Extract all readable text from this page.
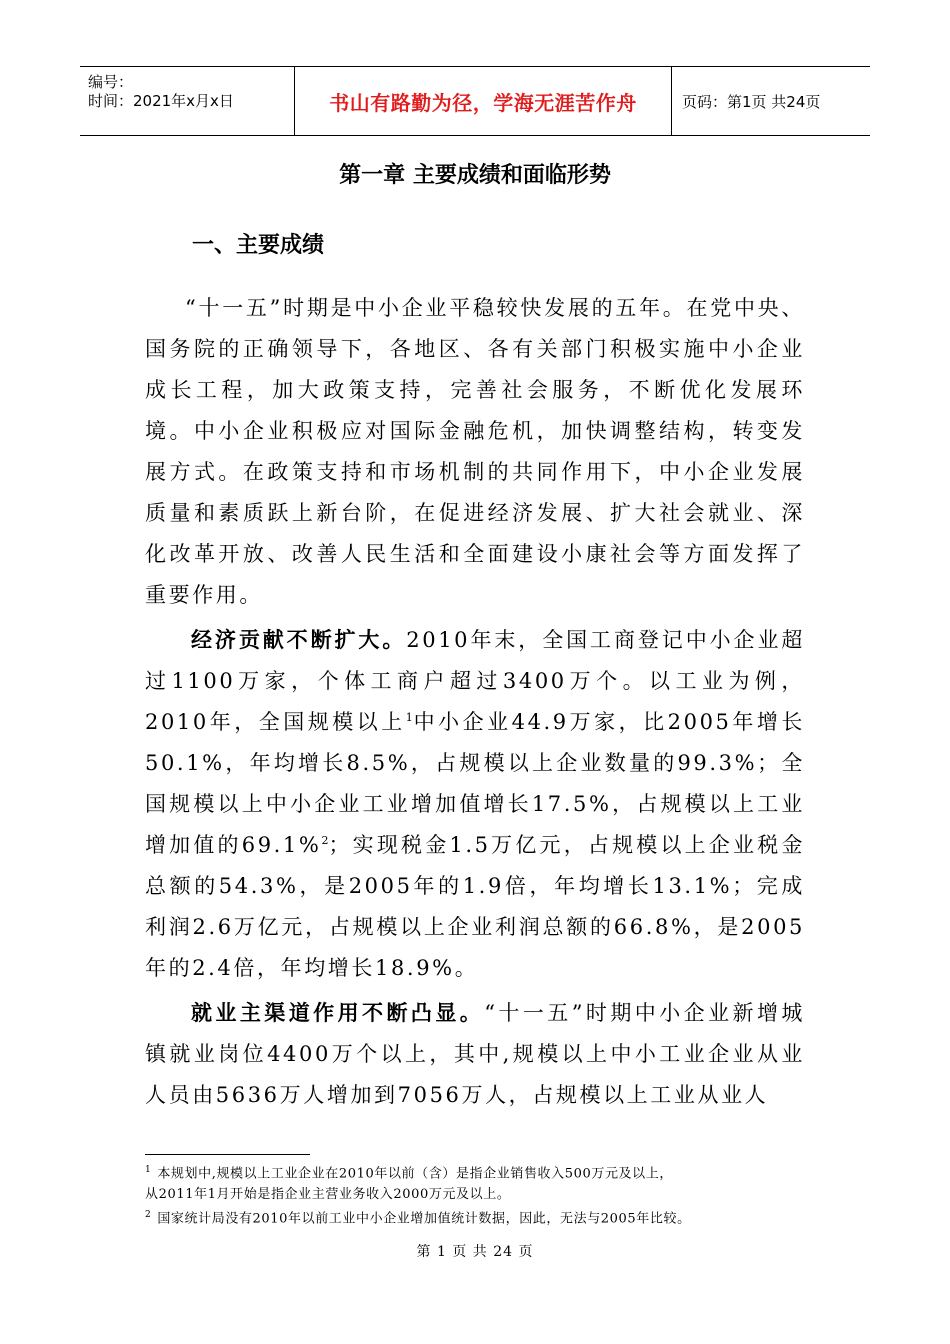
编号：
时间：2021年x月x日	书山有路勤为径，学海无涯苦作舟	页码：第1页 共24页
第一章 主要成绩和面临形势
一、主要成绩

“十一五”时期是中小企业平稳较快发展的五年。在党中央、国务院的正确领导下，各地区、各有关部门积极实施中小企业成长工程，加大政策支持，完善社会服务，不断优化发展环境。中小企业积极应对国际金融危机，加快调整结构，转变发展方式。在政策支持和市场机制的共同作用下，中小企业发展质量和素质跃上新台阶，在促进经济发展、扩大社会就业、深化改革开放、改善人民生活和全面建设小康社会等方面发挥了重要作用。

经济贡献不断扩大。2010年末，全国工商登记中小企业超过1100万家，个体工商户超过3400万个。以工业为例，2010年，全国规模以上$^1$中小企业44.9万家，比2005年增长50.1%，年均增长8.5%，占规模以上企业数量的99.3%；全国规模以上中小企业工业增加值增长17.5%，占规模以上工业增加值的69.1%$^2$；实现税金1.5万亿元，占规模以上企业税金总额的54.3%，是2005年的1.9倍，年均增长13.1%；完成利润2.6万亿元，占规模以上企业利润总额的66.8%，是2005年的2.4倍，年均增长18.9%。

就业主渠道作用不断凸显。“十一五”时期中小企业新增城镇就业岗位4400万个以上，其中,规模以上中小工业企业从业人员由5636万人增加到7056万人，占规模以上工业从业人

$^1$ 本规划中,规模以上工业企业在2010年以前（含）是指企业销售收入500万元及以上，
从2011年1月开始是指企业主营业务收入2000万元及以上。
$^2$ 国家统计局没有2010年以前工业中小企业增加值统计数据，因此，无法与2005年比较。
第 1 页 共 24 页
